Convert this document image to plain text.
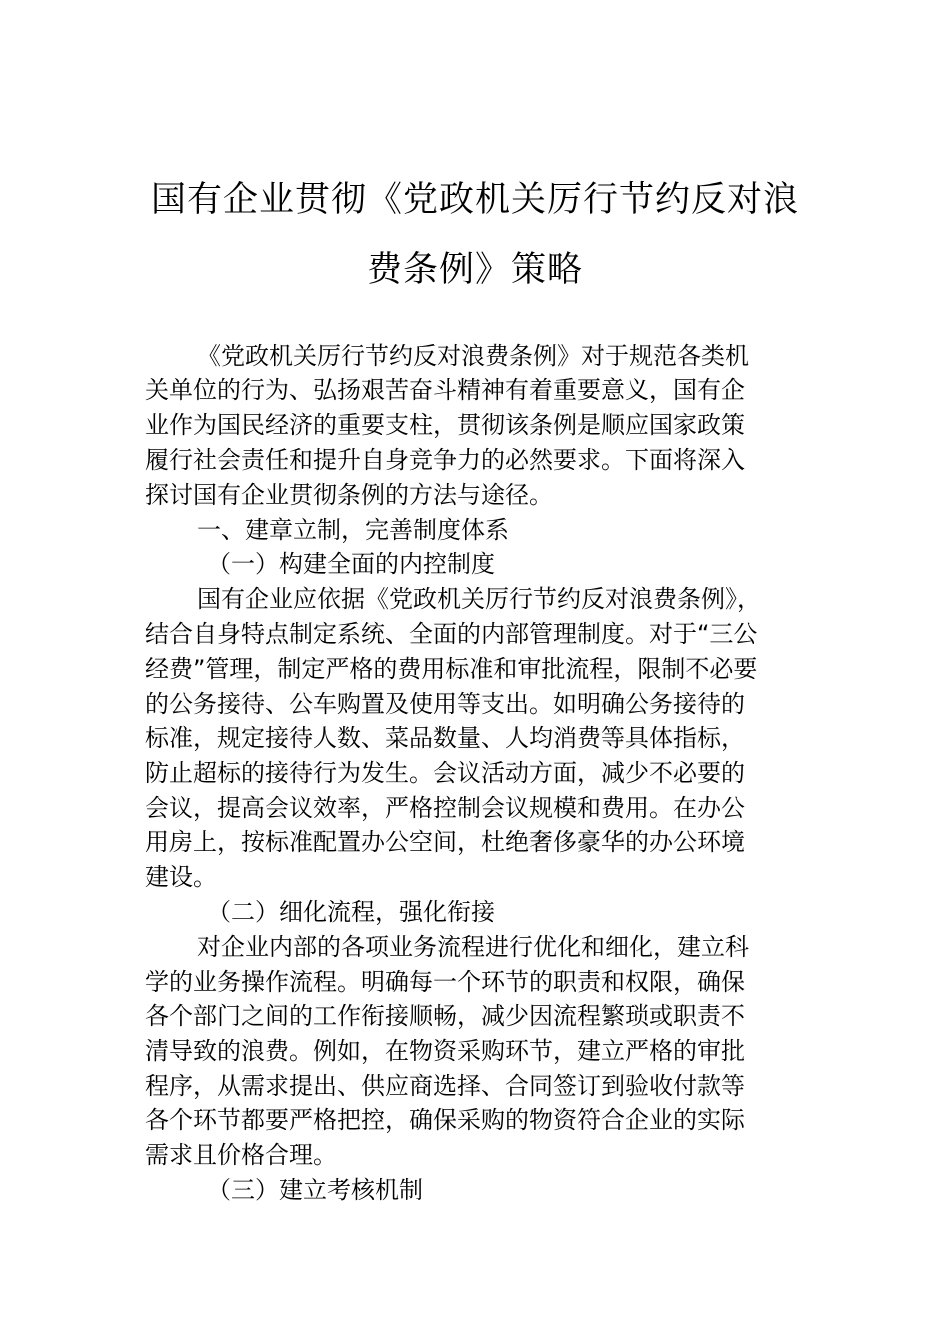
国有企业贯彻《党政机关厉行节约反对浪
费条例》策略
《党政机关厉行节约反对浪费条例》对于规范各类机
关单位的行为、弘扬艰苦奋斗精神有着重要意义，国有企
业作为国民经济的重要支柱，贯彻该条例是顺应国家政策
履行社会责任和提升自身竞争力的必然要求。下面将深入
探讨国有企业贯彻条例的方法与途径。
一、建章立制，完善制度体系
（一）构建全面的内控制度
国有企业应依据《党政机关厉行节约反对浪费条例》，
结合自身特点制定系统、全面的内部管理制度。对于“三公
经费”管理，制定严格的费用标准和审批流程，限制不必要
的公务接待、公车购置及使用等支出。如明确公务接待的
标准，规定接待人数、菜品数量、人均消费等具体指标，
防止超标的接待行为发生。会议活动方面，减少不必要的
会议，提高会议效率，严格控制会议规模和费用。在办公
用房上，按标准配置办公空间，杜绝奢侈豪华的办公环境
建设。
（二）细化流程，强化衔接
对企业内部的各项业务流程进行优化和细化，建立科
学的业务操作流程。明确每一个环节的职责和权限，确保
各个部门之间的工作衔接顺畅，减少因流程繁琐或职责不
清导致的浪费。例如，在物资采购环节，建立严格的审批
程序，从需求提出、供应商选择、合同签订到验收付款等
各个环节都要严格把控，确保采购的物资符合企业的实际
需求且价格合理。
（三）建立考核机制
